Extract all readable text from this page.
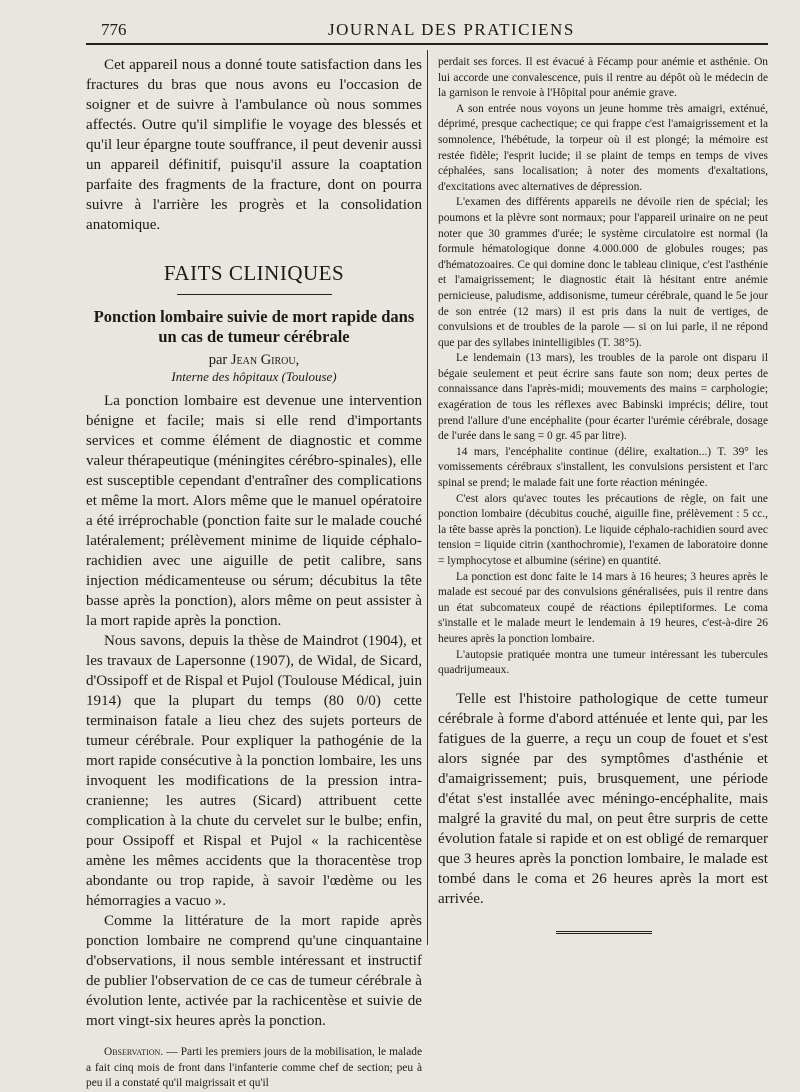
776	JOURNAL DES PRATICIENS

Cet appareil nous a donné toute satisfaction dans les fractures du bras que nous avons eu l'occasion de soigner et de suivre à l'ambulance où nous sommes affectés. Outre qu'il simplifie le voyage des blessés et qu'il leur épargne toute souffrance, il peut devenir aussi un appareil définitif, puisqu'il assure la coaptation parfaite des fragments de la fracture, dont on pourra suivre à l'arrière les progrès et la consolidation anatomique.

FAITS CLINIQUES

Ponction lombaire suivie de mort rapide dans un cas de tumeur cérébrale

par Jean Girou,

Interne des hôpitaux (Toulouse)

La ponction lombaire est devenue une intervention bénigne et facile; mais si elle rend d'importants services et comme élément de diagnostic et comme valeur thérapeutique (méningites cérébro-spinales), elle est susceptible cependant d'entraîner des complications et même la mort. Alors même que le manuel opératoire a été irréprochable (ponction faite sur le malade couché latéralement; prélèvement minime de liquide céphalo-rachidien avec une aiguille de petit calibre, sans injection médicamenteuse ou sérum; décubitus la tête basse après la ponction), alors même on peut assister à la mort rapide après la ponction.

Nous savons, depuis la thèse de Maindrot (1904), et les travaux de Lapersonne (1907), de Widal, de Sicard, d'Ossipoff et de Rispal et Pujol (Toulouse Médical, juin 1914) que la plupart du temps (80 0/0) cette terminaison fatale a lieu chez des sujets porteurs de tumeur cérébrale. Pour expliquer la pathogénie de la mort rapide consécutive à la ponction lombaire, les uns invoquent les modifications de la pression intra-cranienne; les autres (Sicard) attribuent cette complication à la chute du cervelet sur le bulbe; enfin, pour Ossipoff et Rispal et Pujol « la rachicentèse amène les mêmes accidents que la thoracentèse trop abondante ou trop rapide, à savoir l'œdème ou les hémorragies a vacuo ».

Comme la littérature de la mort rapide après ponction lombaire ne comprend qu'une cinquantaine d'observations, il nous semble intéressant et instructif de publier l'observation de ce cas de tumeur cérébrale à évolution lente, activée par la rachicentèse et suivie de mort vingt-six heures après la ponction.

Observation. — Parti les premiers jours de la mobilisation, le malade a fait cinq mois de front dans l'infanterie comme chef de section; peu à peu il a constaté qu'il maigrissait et qu'il

perdait ses forces. Il est évacué à Fécamp pour anémie et asthénie. On lui accorde une convalescence, puis il rentre au dépôt où le médecin de la garnison le renvoie à l'Hôpital pour anémie grave.

A son entrée nous voyons un jeune homme très amaigri, exténué, déprimé, presque cachectique; ce qui frappe c'est l'amaigrissement et la somnolence, l'hébétude, la torpeur où il est plongé; la mémoire est restée fidèle; l'esprit lucide; il se plaint de temps en temps de vives céphalées, sans localisation; à noter des moments d'exaltations, d'excitations avec alternatives de dépression.

L'examen des différents appareils ne dévoile rien de spécial; les poumons et la plèvre sont normaux; pour l'appareil urinaire on ne peut noter que 30 grammes d'urée; le système circulatoire est normal (la formule hématologique donne 4.000.000 de globules rouges; pas d'hématozoaires. Ce qui domine donc le tableau clinique, c'est l'asthénie et l'amaigrissement; le diagnostic était là hésitant entre anémie pernicieuse, paludisme, addisonisme, tumeur cérébrale, quand le 5e jour de son entrée (12 mars) il est pris dans la nuit de vertiges, de convulsions et de troubles de la parole — si on lui parle, il ne répond que par des syllabes inintelligibles (T. 38°5).

Le lendemain (13 mars), les troubles de la parole ont disparu il bégaie seulement et peut écrire sans faute son nom; deux pertes de connaissance dans l'après-midi; mouvements des mains = carphologie; exagération de tous les réflexes avec Babinski imprécis; délire, tout prend l'allure d'une encéphalite (pour écarter l'urémie cérébrale, dosage de l'urée dans le sang = 0 gr. 45 par litre).

14 mars, l'encéphalite continue (délire, exaltation...) T. 39° les vomissements cérébraux s'installent, les convulsions persistent et l'arc spinal se prend; le malade fait une forte réaction méningée.

C'est alors qu'avec toutes les précautions de règle, on fait une ponction lombaire (décubitus couché, aiguille fine, prélèvement : 5 cc., la tête basse après la ponction). Le liquide céphalo-rachidien sourd avec tension = liquide citrin (xanthochromie), l'examen de laboratoire donne = lymphocytose et albumine (sérine) en quantité.

La ponction est donc faite le 14 mars à 16 heures; 3 heures après le malade est secoué par des convulsions généralisées, puis il rentre dans un état subcomateux coupé de réactions épileptiformes. Le coma s'installe et le malade meurt le lendemain à 19 heures, c'est-à-dire 26 heures après la ponction lombaire.

L'autopsie pratiquée montra une tumeur intéressant les tubercules quadrijumeaux.

Telle est l'histoire pathologique de cette tumeur cérébrale à forme d'abord atténuée et lente qui, par les fatigues de la guerre, a reçu un coup de fouet et s'est alors signée par des symptômes d'asthénie et d'amaigrissement; puis, brusquement, une période d'état s'est installée avec méningo-encéphalite, mais malgré la gravité du mal, on peut être surpris de cette évolution fatale si rapide et on est obligé de remarquer que 3 heures après la ponction lombaire, le malade est tombé dans le coma et 26 heures après la mort est arrivée.
